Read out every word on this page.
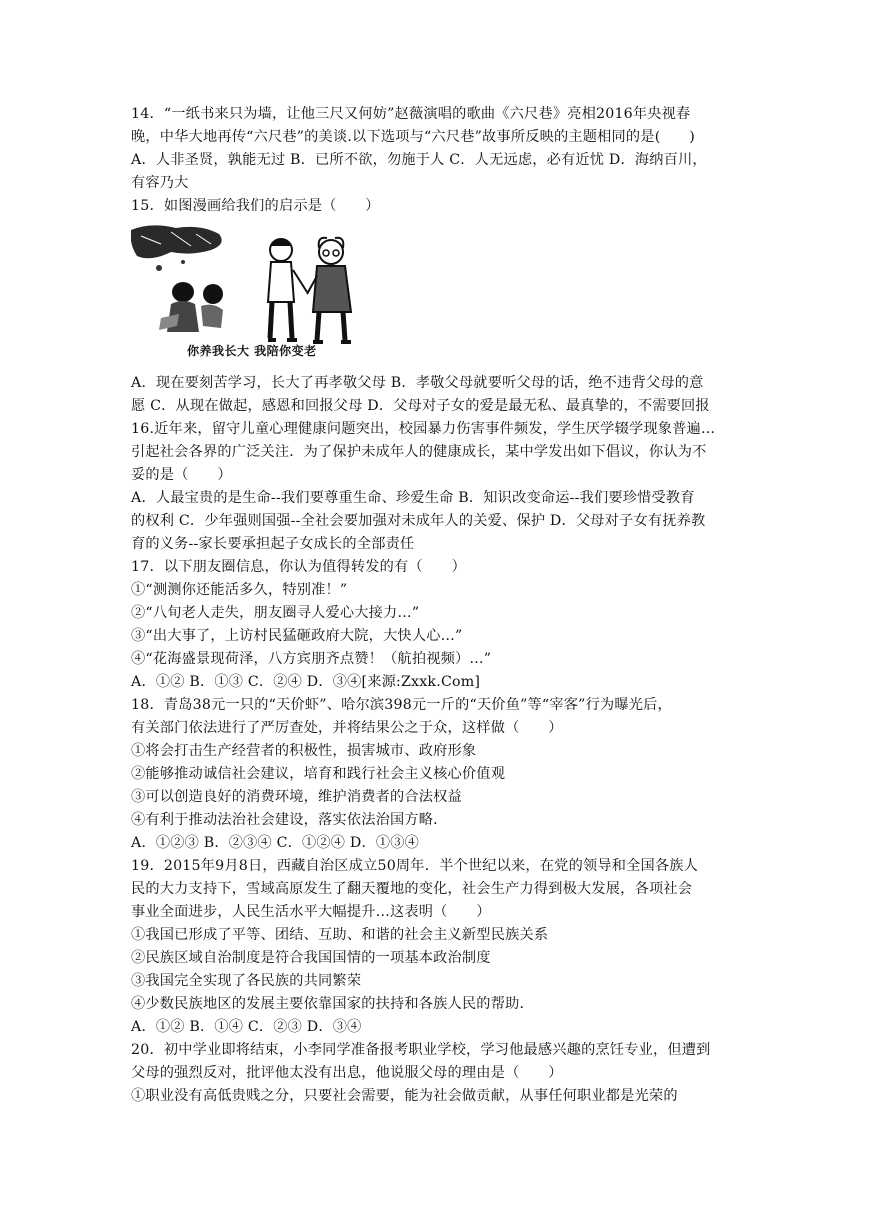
14．“一纸书来只为墙，让他三尺又何妨”赵薇演唱的歌曲《六尺巷》亮相2016年央视春
晚，中华大地再传“六尺巷”的美谈.以下选项与“六尺巷”故事所反映的主题相同的是(　　)
A．人非圣贤，孰能无过 B．已所不欲，勿施于人 C．人无远虑，必有近忧 D．海纳百川，
有容乃大
15．如图漫画给我们的启示是（　　）
你养我长大 我陪你变老
A．现在要刻苦学习，长大了再孝敬父母 B．孝敬父母就要听父母的话，绝不违背父母的意
愿 C．从现在做起，感恩和回报父母 D．父母对子女的爱是最无私、最真挚的，不需要回报
16.近年来，留守儿童心理健康问题突出，校园暴力伤害事件频发，学生厌学辍学现象普遍…
引起社会各界的广泛关注．为了保护未成年人的健康成长，某中学发出如下倡议，你认为不
妥的是（　　）
A．人最宝贵的是生命--我们要尊重生命、珍爱生命 B．知识改变命运--我们要珍惜受教育
的权利 C．少年强则国强--全社会要加强对未成年人的关爱、保护 D．父母对子女有抚养教
育的义务--家长要承担起子女成长的全部责任
17．以下朋友圈信息，你认为值得转发的有（　　）
①“测测你还能活多久，特别准！”
②“八旬老人走失，朋友圈寻人爱心大接力…”
③“出大事了，上访村民猛砸政府大院，大快人心…”
④“花海盛景现荷泽，八方宾朋齐点赞！（航拍视频）…”
A．①② B．①③ C．②④ D．③④[来源:Zxxk.Com]
18．青岛38元一只的“天价虾”、哈尔滨398元一斤的“天价鱼”等“宰客”行为曝光后，
有关部门依法进行了严厉查处，并将结果公之于众，这样做（　　）
①将会打击生产经营者的积极性，损害城市、政府形象
②能够推动诚信社会建议，培育和践行社会主义核心价值观
③可以创造良好的消费环境，维护消费者的合法权益
④有利于推动法治社会建设，落实依法治国方略．
A．①②③ B．②③④ C．①②④ D．①③④
19．2015年9月8日，西藏自治区成立50周年．半个世纪以来，在党的领导和全国各族人
民的大力支持下，雪域高原发生了翻天覆地的变化，社会生产力得到极大发展，各项社会
事业全面进步，人民生活水平大幅提升…这表明（　　）
①我国已形成了平等、团结、互助、和谐的社会主义新型民族关系
②民族区域自治制度是符合我国国情的一项基本政治制度
③我国完全实现了各民族的共同繁荣
④少数民族地区的发展主要依靠国家的扶持和各族人民的帮助．
A．①② B．①④ C．②③ D．③④
20．初中学业即将结束，小李同学准备报考职业学校，学习他最感兴趣的烹饪专业，但遭到
父母的强烈反对，批评他太没有出息，他说服父母的理由是（　　）
①职业没有高低贵贱之分，只要社会需要，能为社会做贡献，从事任何职业都是光荣的
